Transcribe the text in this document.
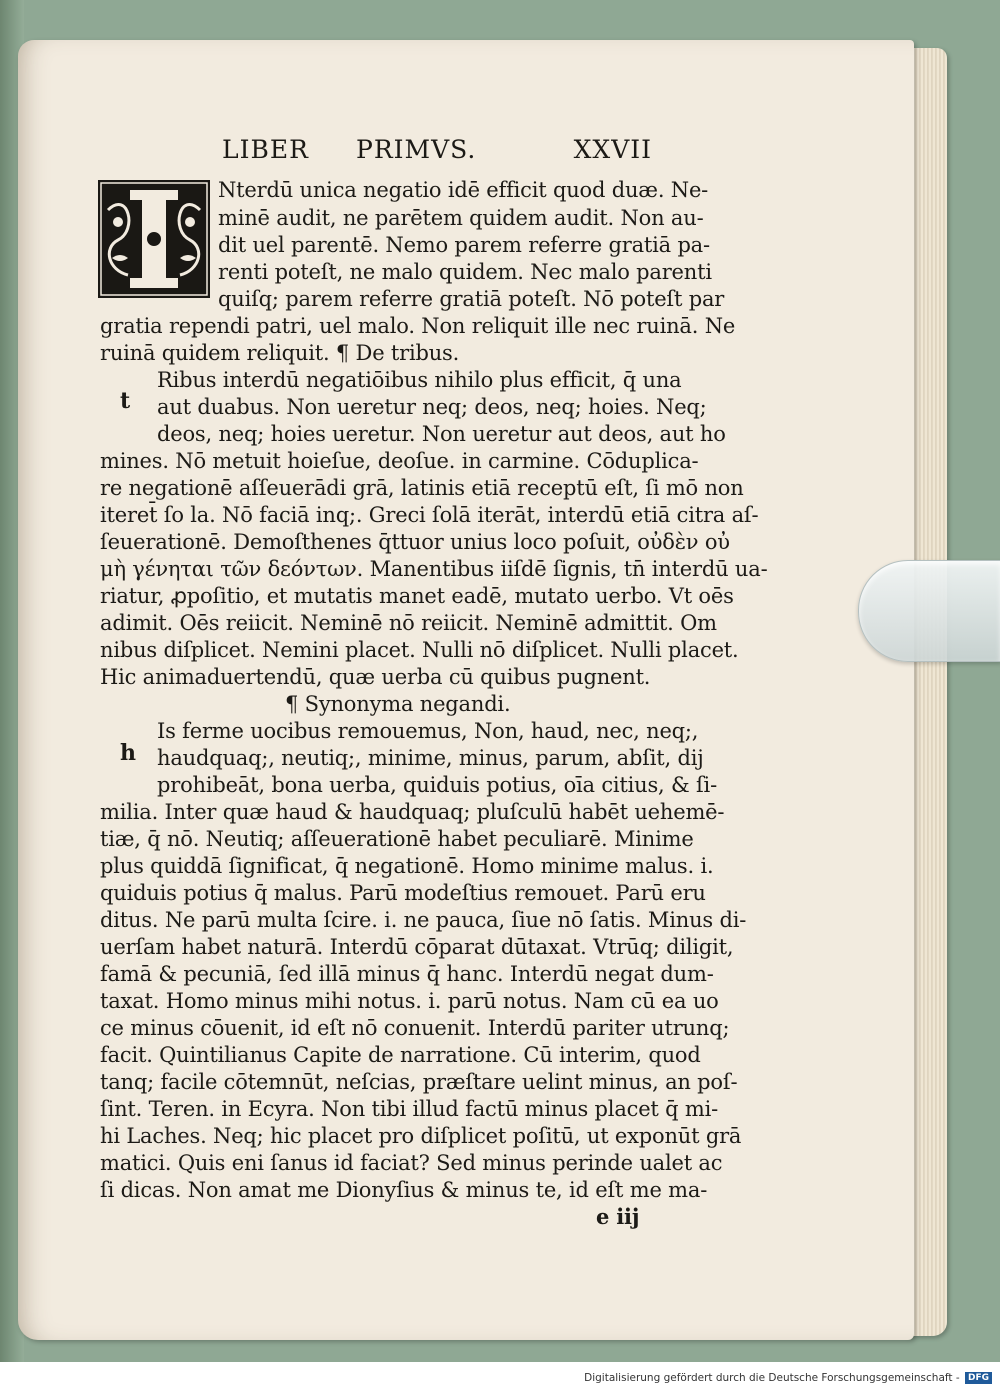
LIBER PRIMVS.	XXVII
Nterdū unica negatio idē efficit quod duæ. Ne-
minē audit, ne parētem quidem audit. Non au-
dit uel parentē. Nemo parem referre gratiā pa-
renti poteſt, ne malo quidem. Nec malo parenti
quiſq; parem referre gratiā poteſt. Nō poteſt par
gratia rependi patri, uel malo. Non reliquit ille nec ruinā. Ne
ruinā quidem reliquit. ¶ De tribus.
Ribus interdū negatiōibus nihilo plus efficit, q̄ una
t aut duabus. Non ueretur neq; deos, neq; hoies. Neq;
deos, neq; hoies ueretur. Non ueretur aut deos, aut ho
mines. Nō metuit hoieſue, deoſue. in carmine. Cōduplica-
re negationē aſſeuerādi grā, latinis etiā receptū eſt, ſi mō non
iteret̄ ſo la. Nō faciā inq;. Greci ſolā iterāt, interdū etiā citra aſ-
ſeuerationē. Demoſthenes q̄ttuor unius loco poſuit, οὐδὲν οὐ
μὴ γένηται τῶν δεόντων. Manentibus iiſdē ſignis, tn̄ interdū ua-
riatur, ꝓpoſitio, et mutatis manet eadē, mutato uerbo. Vt oēs
adimit. Oēs reiicit. Neminē nō reiicit. Neminē admittit. Om
nibus diſplicet. Nemini placet. Nulli nō diſplicet. Nulli placet.
Hic animaduertendū, quæ uerba cū quibus pugnent.
¶ Synonyma negandi.
Is ferme uocibus remouemus, Non, haud, nec, neq;,
h haudquaq;, neutiq;, minime, minus, parum, abſit, dij
prohibeāt, bona uerba, quiduis potius, oīa citius, & ſi-
milia. Inter quæ haud & haudquaq; pluſculū habēt uehemē-
tiæ, q̄ nō. Neutiq; aſſeuerationē habet peculiarē. Minime
plus quiddā ſignificat, q̄ negationē. Homo minime malus. i.
quiduis potius q̄ malus. Parū modeſtius remouet. Parū eru
ditus. Ne parū multa ſcire. i. ne pauca, ſiue nō ſatis. Minus di-
uerſam habet naturā. Interdū cōparat dūtaxat. Vtrūq; diligit,
famā & pecuniā, ſed illā minus q̄ hanc. Interdū negat dum-
taxat. Homo minus mihi notus. i. parū notus. Nam cū ea uo
ce minus cōuenit, id eſt nō conuenit. Interdū pariter utrunq;
facit. Quintilianus Capite de narratione. Cū interim, quod
tanq; facile cōtemnūt, neſcias, præſtare uelint minus, an poſ-
ſint. Teren. in Ecyra. Non tibi illud factū minus placet q̄ mi-
hi Laches. Neq; hic placet pro diſplicet poſitū, ut exponūt grā
matici. Quis eni ſanus id faciat? Sed minus perinde ualet ac
ſi dicas. Non amat me Dionyſius & minus te, id eſt me ma-
e iij
Digitalisierung gefördert durch die Deutsche Forschungsgemeinschaft - DFG
